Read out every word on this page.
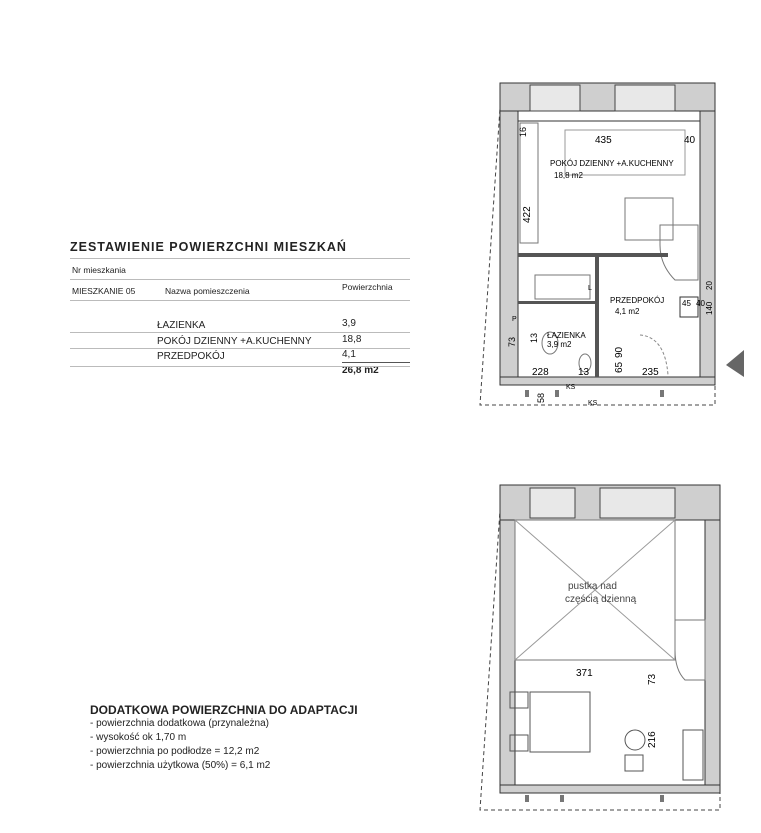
ZESTAWIENIE POWIERZCHNI MIESZKAŃ
Nr mieszkania
MIESZKANIE 05	Nazwa pomieszczenia	Powierzchnia
ŁAZIENKA	3,9
POKÓJ DZIENNY +A.KUCHENNY	18,8
PRZEDPOKÓJ	4,1
26,8 m2
POKÓJ DZIENNY +A.KUCHENNY
18,8 m2
PRZEDPOKÓJ
4,1 m2
ŁAZIENKA
3,9 m2
435	40
16
422
13
73
228	13 65
90
235
58
140
20
45 40
KS
KS
P
L
pustka nad
częścią dzienną
371
73
216
DODATKOWA POWIERZCHNIA DO ADAPTACJI
- powierzchnia dodatkowa (przynależna)
- wysokość ok 1,70 m
- powierzchnia po podłodze = 12,2 m2
- powierzchnia użytkowa (50%) = 6,1 m2
